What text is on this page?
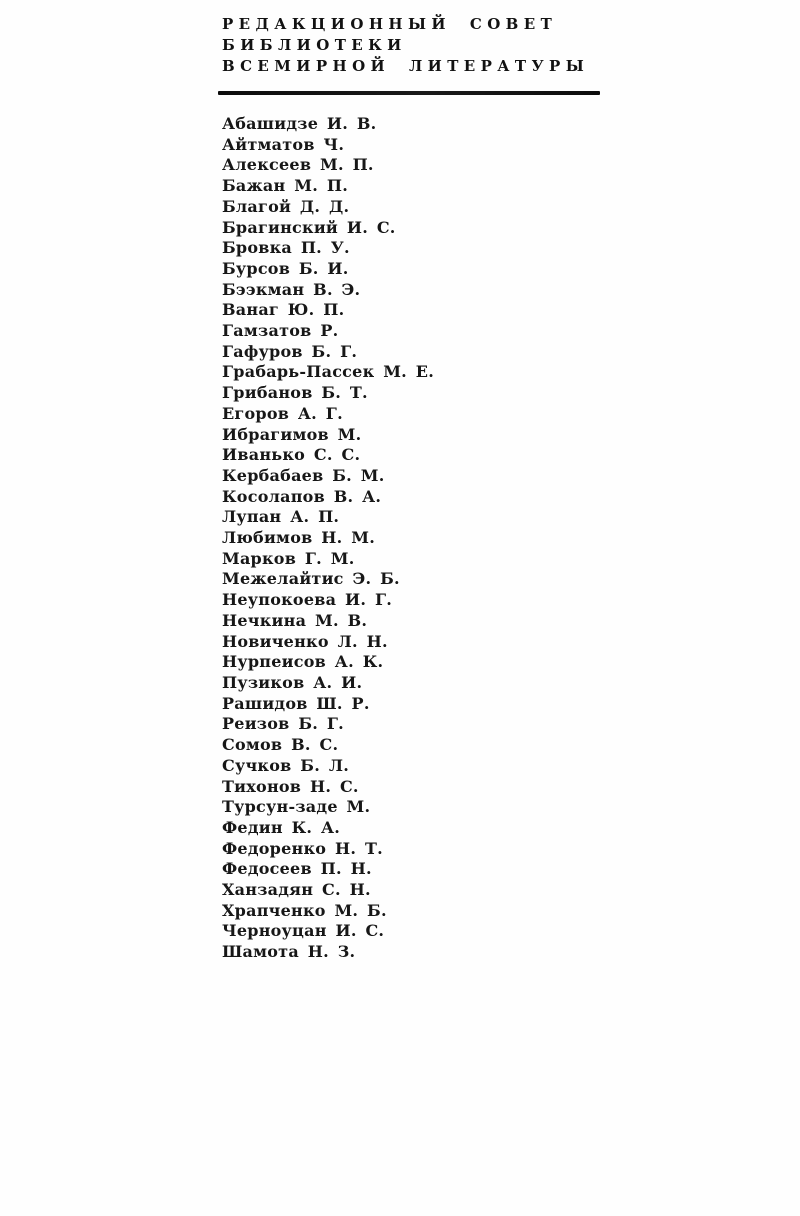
РЕДАКЦИОННЫЙ СОВЕТ
БИБЛИОТЕКИ
ВСЕМИРНОЙ ЛИТЕРАТУРЫ
Абашидзе И. В.
Айтматов Ч.
Алексеев М. П.
Бажан М. П.
Благой Д. Д.
Брагинский И. С.
Бровка П. У.
Бурсов Б. И.
Бээкман В. Э.
Ванаг Ю. П.
Гамзатов Р.
Гафуров Б. Г.
Грабарь-Пассек М. Е.
Грибанов Б. Т.
Егоров А. Г.
Ибрагимов М.
Иванько С. С.
Кербабаев Б. М.
Косолапов В. А.
Лупан А. П.
Любимов Н. М.
Марков Г. М.
Межелайтис Э. Б.
Неупокоева И. Г.
Нечкина М. В.
Новиченко Л. Н.
Нурпеисов А. К.
Пузиков А. И.
Рашидов Ш. Р.
Реизов Б. Г.
Сомов В. С.
Сучков Б. Л.
Тихонов Н. С.
Турсун-заде М.
Федин К. А.
Федоренко Н. Т.
Федосеев П. Н.
Ханзадян С. Н.
Храпченко М. Б.
Черноуцан И. С.
Шамота Н. З.
